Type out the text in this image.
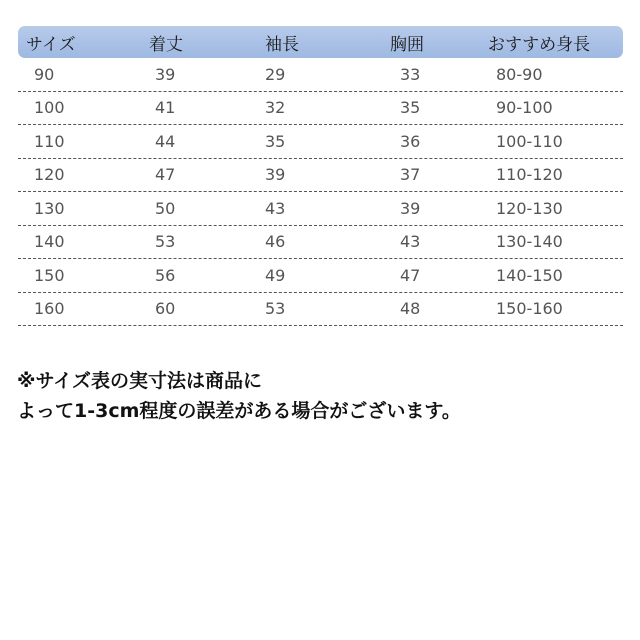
サイズ	着丈	袖長	胸囲	おすすめ身長
90	39	29	33	80-90
100	41	32	35	90-100
110	44	35	36	100-110
120	47	39	37	110-120
130	50	43	39	120-130
140	53	46	43	130-140
150	56	49	47	140-150
160	60	53	48	150-160
※サイズ表の実寸法は商品に
よって1-3cm程度の誤差がある場合がございます。
